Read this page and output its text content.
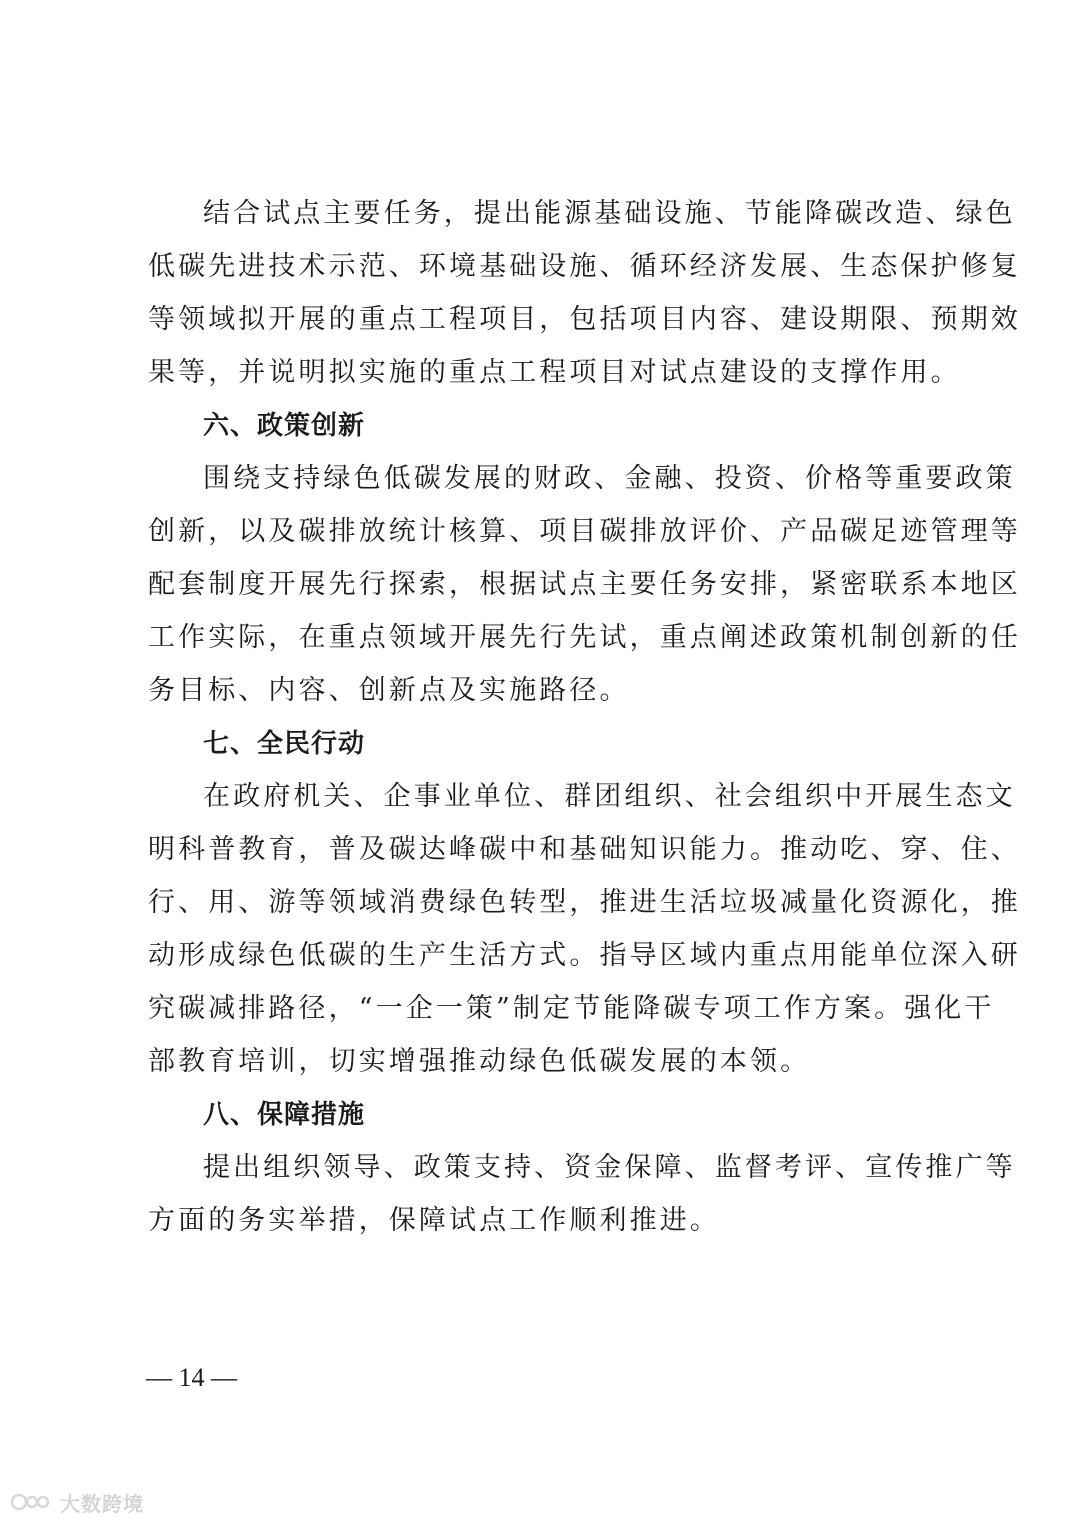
结合试点主要任务，提出能源基础设施、节能降碳改造、绿色
低碳先进技术示范、环境基础设施、循环经济发展、生态保护修复
等领域拟开展的重点工程项目，包括项目内容、建设期限、预期效
果等，并说明拟实施的重点工程项目对试点建设的支撑作用。
六、政策创新
围绕支持绿色低碳发展的财政、金融、投资、价格等重要政策
创新，以及碳排放统计核算、项目碳排放评价、产品碳足迹管理等
配套制度开展先行探索，根据试点主要任务安排，紧密联系本地区
工作实际，在重点领域开展先行先试，重点阐述政策机制创新的任
务目标、内容、创新点及实施路径。
七、全民行动
在政府机关、企事业单位、群团组织、社会组织中开展生态文
明科普教育，普及碳达峰碳中和基础知识能力。推动吃、穿、住、
行、用、游等领域消费绿色转型，推进生活垃圾减量化资源化，推
动形成绿色低碳的生产生活方式。指导区域内重点用能单位深入研
究碳减排路径，“一企一策”制定节能降碳专项工作方案。强化干
部教育培训，切实增强推动绿色低碳发展的本领。
八、保障措施
提出组织领导、政策支持、资金保障、监督考评、宣传推广等
方面的务实举措，保障试点工作顺利推进。
— 14 —
大数跨境
